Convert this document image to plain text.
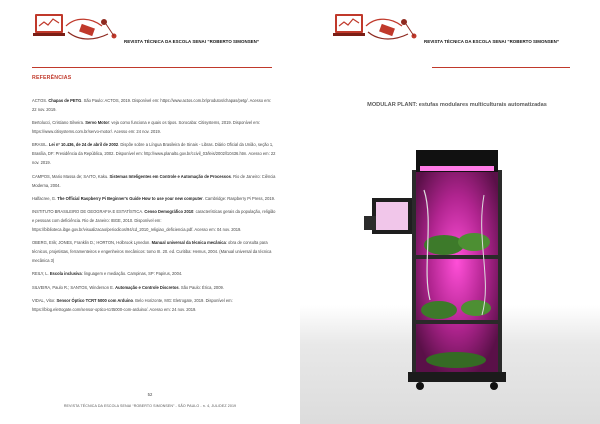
REVISTA TÉCNICA DA ESCOLA SENAI “ROBERTO SIMONSEN”
REFERÊNCIAS

ACTOS. Chapas de PETG. São Paulo: ACTOS, 2019. Disponível em: https://www.actos.com.br/produtos/chapas/petg/. Acesso em: 22 nov. 2019.

Bertolucci, Cristiano Silveira. Servo Motor: veja como funciona e quais os tipos. Sorocaba: Citisystems, 2019. Disponível em: https://www.citisystems.com.br/servo-motor/. Acesso em: 24 nov. 2019.

BRASIL. Lei nº 10.436, de 24 de abril de 2002. Dispõe sobre a Língua Brasileira de Sinais - Libras. Diário Oficial da União, seção 1, Brasília, DF: Presidência da República, 2002. Disponível em: http://www.planalto.gov.br/ccivil_03/leis/2002/l10436.htm. Acesso em: 22 nov. 2019.

CAMPOS, Mario Massa de; SAITO, Kaku. Sistemas Inteligentes em Controle e Automação de Processos. Rio de Janeiro: Ciência Moderna, 2004.

Halfacree, G. The Official Raspberry Pi Beginner's Guide How to use your new computer. Cambridge: Raspberry Pi Press, 2019.

INSTITUTO BRASILEIRO DE GEOGRAFIA E ESTATÍSTICA. Censo Demográfico 2010: características gerais da população, religião e pessoas com deficiência. Rio de Janeiro: IBGE, 2010. Disponível em: https://biblioteca.ibge.gov.br/visualizacao/periodicos/94/cd_2010_religiao_deficiencia.pdf. Acesso em: 04 nov. 2019.

OBERG, Erik; JONES, Franklin D.; HORTON, Holbrook Lynedon. Manual universal da técnica mecânica: obra de consulta para técnicos, projetistas, ferramenteiros e engenheiros mecânicos: tomo III. 20. ed. Curitiba: Hemus, 2004. (Manual universal da técnica mecânica 3)

REILY, L. Escola inclusiva: linguagem e mediação. Campinas, SP: Papirus, 2004.

SILVEIRA, Paulo R.; SANTOS, Winderson E. Automação e Controle Discretos. São Paulo: Érica, 2009.

VIDAL, Vitor. Sensor Óptico TCRT 5000 com Arduino. Belo Horizonte, MG: Eletrogate, 2019. Disponível em: https://blog.eletrogate.com/sensor-optico-tcrt5000-com-arduino/. Acesso em: 24 nov. 2019.

52
REVISTA TÉCNICA DA ESCOLA SENAI “ROBERTO SIMONSEN” - SÃO PAULO - n. 4, JUL/DEZ 2019
REVISTA TÉCNICA DA ESCOLA SENAI “ROBERTO SIMONSEN”
MODULAR PLANT: estufas modulares multiculturais automatizadas
